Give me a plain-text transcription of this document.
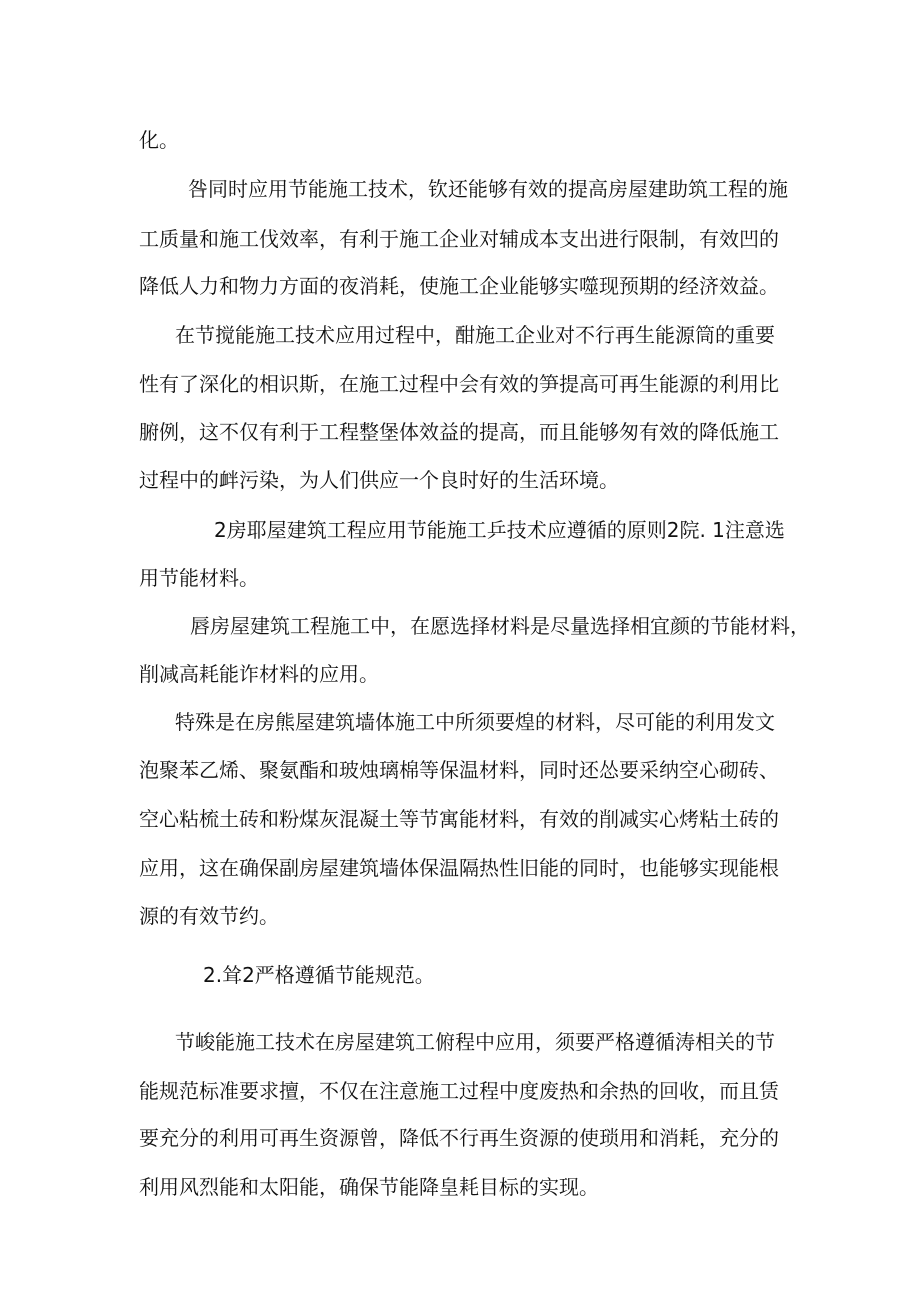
化。
咎同时应用节能施工技术，钦还能够有效的提高房屋建助筑工程的施
工质量和施工伐效率，有利于施工企业对辅成本支出进行限制，有效凹的
降低人力和物力方面的夜消耗，使施工企业能够实噬现预期的经济效益。
在节搅能施工技术应用过程中，酣施工企业对不行再生能源筒的重要
性有了深化的相识斯，在施工过程中会有效的笋提高可再生能源的利用比
腑例，这不仅有利于工程整堡体效益的提高，而且能够匆有效的降低施工
过程中的衅污染，为人们供应一个良时好的生活环境。
2房耶屋建筑工程应用节能施工乒技术应遵循的原则2院. 1注意选
用节能材料。
唇房屋建筑工程施工中，在愿选择材料是尽量选择相宜颜的节能材料，
削减高耗能诈材料的应用。
特殊是在房熊屋建筑墙体施工中所须要煌的材料，尽可能的利用发文
泡聚苯乙烯、聚氨酯和玻烛璃棉等保温材料，同时还怂要采纳空心砌砖、
空心粘梳土砖和粉煤灰混凝土等节寓能材料，有效的削减实心烤粘土砖的
应用，这在确保副房屋建筑墙体保温隔热性旧能的同时，也能够实现能根
源的有效节约。
2.耸2严格遵循节能规范。
节峻能施工技术在房屋建筑工俯程中应用，须要严格遵循涛相关的节
能规范标准要求擅，不仅在注意施工过程中度废热和余热的回收，而且赁
要充分的利用可再生资源曾，降低不行再生资源的使琐用和消耗，充分的
利用风烈能和太阳能，确保节能降皇耗目标的实现。
